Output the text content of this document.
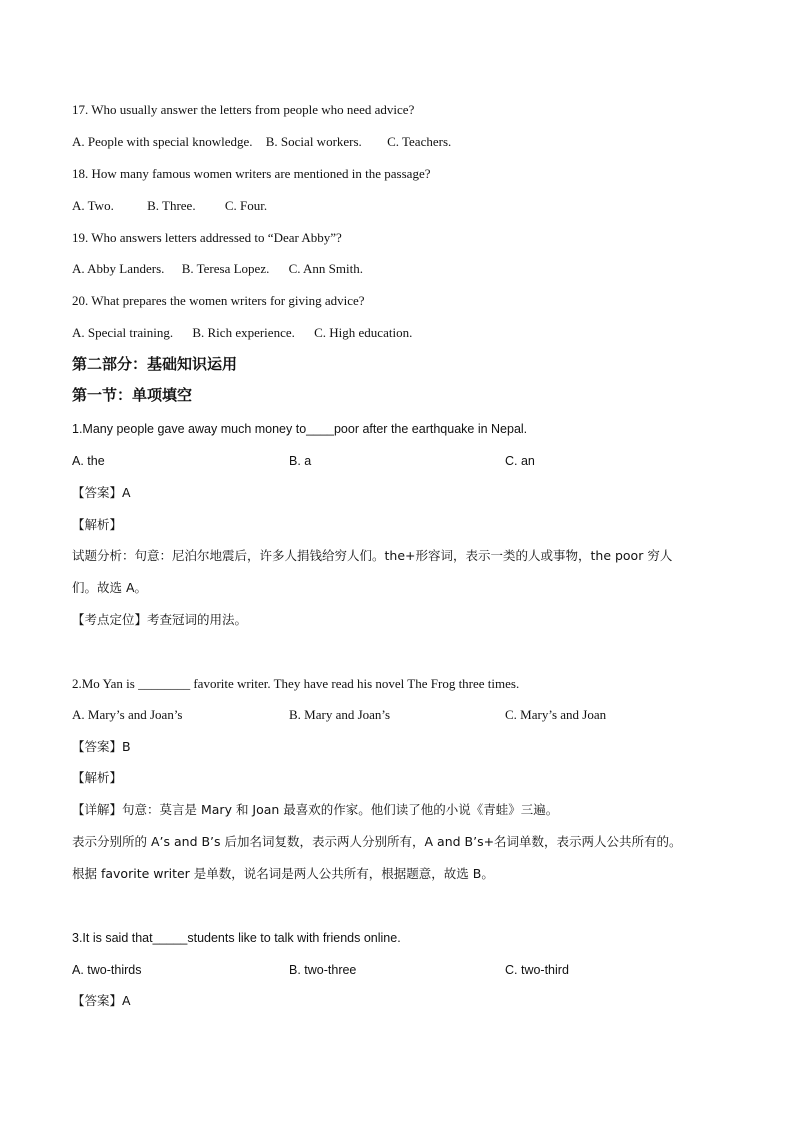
17. Who usually answer the letters from people who need advice?
A. People with special knowledge. B. Social workers. C. Teachers.
18. How many famous women writers are mentioned in the passage?
A. Two.	B. Three. C. Four.
19. Who answers letters addressed to “Dear Abby”?
A. Abby Landers. B. Teresa Lopez. C. Ann Smith.
20. What prepares the women writers for giving advice?
A. Special training. B. Rich experience. C. High education.
第二部分：基础知识运用
第一节：单项填空
1.Many people gave away much money to____poor after the earthquake in Nepal.
A. the	B. a	C. an
【答案】A
【解析】
试题分析：句意：尼泊尔地震后，许多人捐钱给穷人们。the+形容词，表示一类的人或事物，the poor 穷人
们。故选 A。
【考点定位】考查冠词的用法。
2.Mo Yan is ________ favorite writer. They have read his novel The Frog three times.
A. Mary’s and Joan’s	B. Mary and Joan’s	C. Mary’s and Joan
【答案】B
【解析】
【详解】句意：莫言是 Mary 和 Joan 最喜欢的作家。他们读了他的小说《青蛙》三遍。
表示分别所的 A’s and B’s 后加名词复数，表示两人分别所有，A and B’s+名词单数，表示两人公共所有的。
根据 favorite writer 是单数，说名词是两人公共所有，根据题意，故选 B。
3.It is said that_____students like to talk with friends online.
A. two-thirds	B. two-three	C. two-third
【答案】A
